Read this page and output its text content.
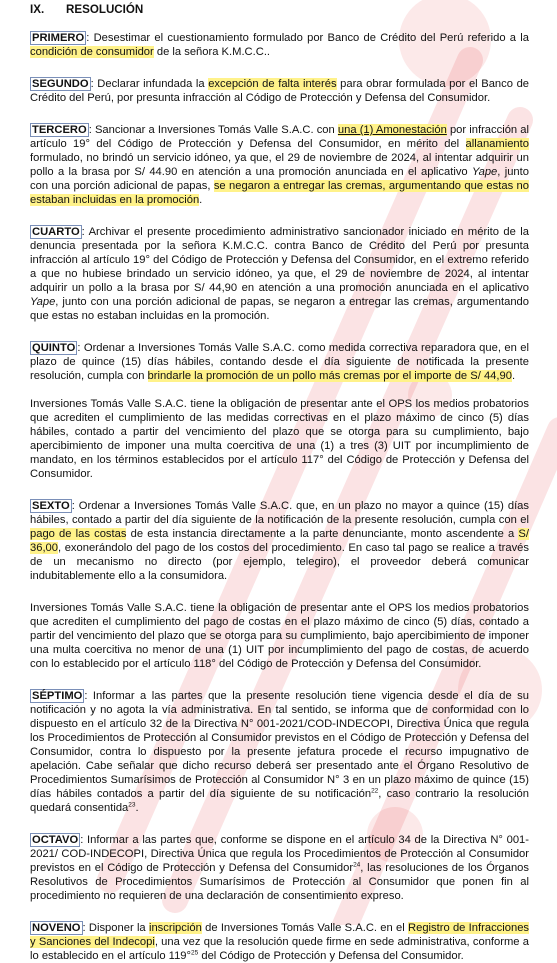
IX. RESOLUCIÓN

PRIMERO : Desestimar el cuestionamiento formulado por Banco de Crédito del Perú referido a la condición de consumidor de la señora K.M.C.C..

SEGUNDO : Declarar infundada la excepción de falta interés para obrar formulada por el Banco de Crédito del Perú, por presunta infracción al Código de Protección y Defensa del Consumidor.

TERCERO : Sancionar a Inversiones Tomás Valle S.A.C. con una (1) Amonestación por infracción al artículo 19° del Código de Protección y Defensa del Consumidor, en mérito del allanamiento formulado, no brindó un servicio idóneo, ya que, el 29 de noviembre de 2024, al intentar adquirir un pollo a la brasa por S/ 44.90 en atención a una promoción anunciada en el aplicativo Yape, junto con una porción adicional de papas, se negaron a entregar las cremas, argumentando que estas no estaban incluidas en la promoción.

CUARTO : Archivar el presente procedimiento administrativo sancionador iniciado en mérito de la denuncia presentada por la señora K.M.C.C. contra Banco de Crédito del Perú por presunta infracción al artículo 19° del Código de Protección y Defensa del Consumidor, en el extremo referido a que no hubiese brindado un servicio idóneo, ya que, el 29 de noviembre de 2024, al intentar adquirir un pollo a la brasa por S/ 44,90 en atención a una promoción anunciada en el aplicativo Yape, junto con una porción adicional de papas, se negaron a entregar las cremas, argumentando que estas no estaban incluidas en la promoción.

QUINTO : Ordenar a Inversiones Tomás Valle S.A.C. como medida correctiva reparadora que, en el plazo de quince (15) días hábiles, contando desde el día siguiente de notificada la presente resolución, cumpla con brindarle la promoción de un pollo más cremas por el importe de S/ 44,90.

Inversiones Tomás Valle S.A.C. tiene la obligación de presentar ante el OPS los medios probatorios que acrediten el cumplimiento de las medidas correctivas en el plazo máximo de cinco (5) días hábiles, contado a partir del vencimiento del plazo que se otorga para su cumplimiento, bajo apercibimiento de imponer una multa coercitiva de una (1) a tres (3) UIT por incumplimiento de mandato, en los términos establecidos por el artículo 117° del Código de Protección y Defensa del Consumidor.

SEXTO : Ordenar a Inversiones Tomás Valle S.A.C. que, en un plazo no mayor a quince (15) días hábiles, contado a partir del día siguiente de la notificación de la presente resolución, cumpla con el pago de las costas de esta instancia directamente a la parte denunciante, monto ascendente a S/ 36,00, exonerándolo del pago de los costos del procedimiento. En caso tal pago se realice a través de un mecanismo no directo (por ejemplo, telegiro), el proveedor deberá comunicar indubitablemente ello a la consumidora.

Inversiones Tomás Valle S.A.C. tiene la obligación de presentar ante el OPS los medios probatorios que acrediten el cumplimiento del pago de costas en el plazo máximo de cinco (5) días, contado a partir del vencimiento del plazo que se otorga para su cumplimiento, bajo apercibimiento de imponer una multa coercitiva no menor de una (1) UIT por incumplimiento del pago de costas, de acuerdo con lo establecido por el artículo 118° del Código de Protección y Defensa del Consumidor.

SÉPTIMO : Informar a las partes que la presente resolución tiene vigencia desde el día de su notificación y no agota la vía administrativa. En tal sentido, se informa que de conformidad con lo dispuesto en el artículo 32 de la Directiva N° 001-2021/COD-INDECOPI, Directiva Única que regula los Procedimientos de Protección al Consumidor previstos en el Código de Protección y Defensa del Consumidor, contra lo dispuesto por la presente jefatura procede el recurso impugnativo de apelación. Cabe señalar que dicho recurso deberá ser presentado ante el Órgano Resolutivo de Procedimientos Sumarísimos de Protección al Consumidor N° 3 en un plazo máximo de quince (15) días hábiles contados a partir del día siguiente de su notificación$^{22}$, caso contrario la resolución quedará consentida$^{23}$.

OCTAVO : Informar a las partes que, conforme se dispone en el artículo 34 de la Directiva N° 001-2021/ COD-INDECOPI, Directiva Única que regula los Procedimientos de Protección al Consumidor previstos en el Código de Protección y Defensa del Consumidor$^{24}$, las resoluciones de los Órganos Resolutivos de Procedimientos Sumarísimos de Protección al Consumidor que ponen fin al procedimiento no requieren de una declaración de consentimiento expreso.

NOVENO : Disponer la inscripción de Inversiones Tomás Valle S.A.C. en el Registro de Infracciones y Sanciones del Indecopi, una vez que la resolución quede firme en sede administrativa, conforme a lo establecido en el artículo 119°$^{25}$ del Código de Protección y Defensa del Consumidor.
